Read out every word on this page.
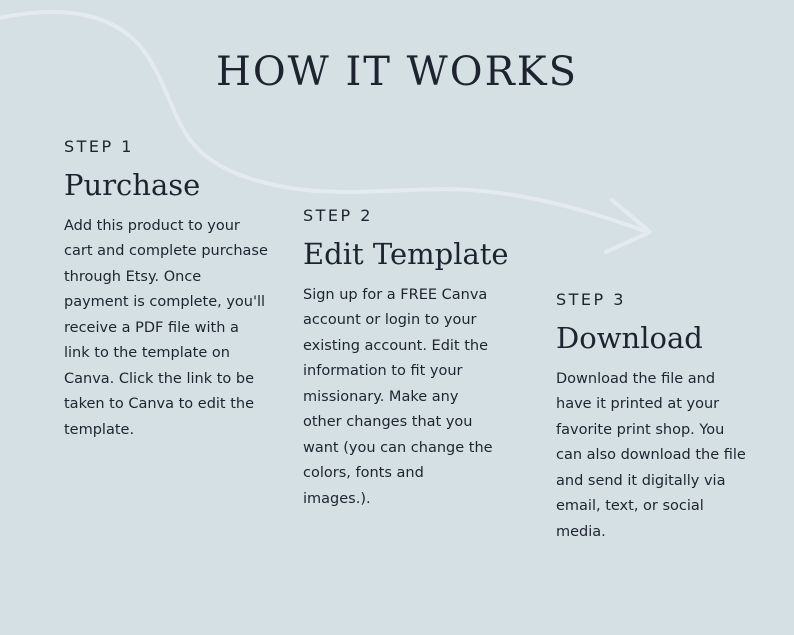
HOW IT WORKS

STEP 1

Purchase

Add this product to your cart and complete purchase through Etsy. Once payment is complete, you'll receive a PDF file with a link to the template on Canva. Click the link to be taken to Canva to edit the template.

STEP 2

Edit Template

Sign up for a FREE Canva account or login to your existing account. Edit the information to fit your missionary. Make any other changes that you want (you can change the colors, fonts and images.).

STEP 3

Download

Download the file and have it printed at your favorite print shop. You can also download the file and send it digitally via email, text, or social media.
